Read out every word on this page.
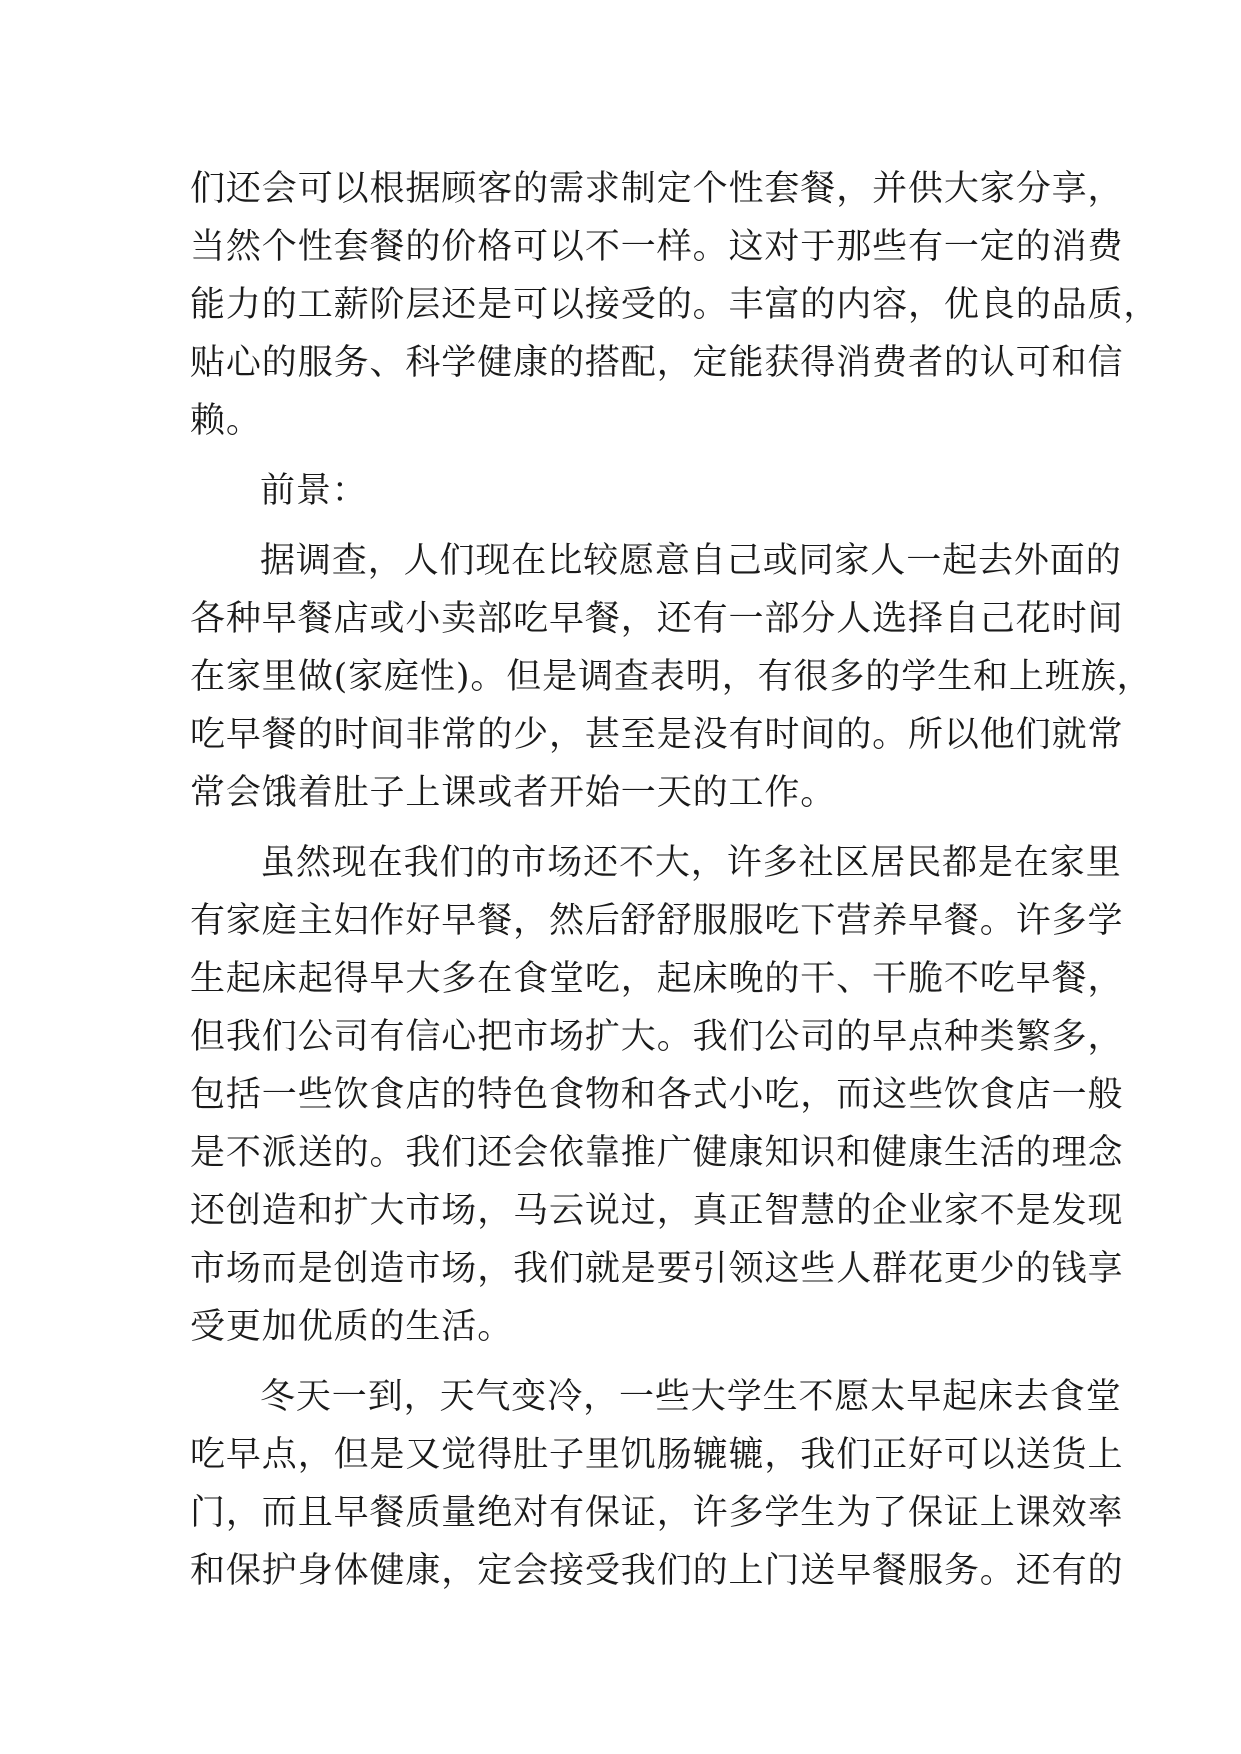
们还会可以根据顾客的需求制定个性套餐，并供大家分享，
当然个性套餐的价格可以不一样。这对于那些有一定的消费
能力的工薪阶层还是可以接受的。丰富的内容，优良的品质，
贴心的服务、科学健康的搭配，定能获得消费者的认可和信
赖。
前景：
据调查，人们现在比较愿意自己或同家人一起去外面的
各种早餐店或小卖部吃早餐，还有一部分人选择自己花时间
在家里做(家庭性)。但是调查表明，有很多的学生和上班族，
吃早餐的时间非常的少，甚至是没有时间的。所以他们就常
常会饿着肚子上课或者开始一天的工作。
虽然现在我们的市场还不大，许多社区居民都是在家里
有家庭主妇作好早餐，然后舒舒服服吃下营养早餐。许多学
生起床起得早大多在食堂吃，起床晚的干、干脆不吃早餐，
但我们公司有信心把市场扩大。我们公司的早点种类繁多，
包括一些饮食店的特色食物和各式小吃，而这些饮食店一般
是不派送的。我们还会依靠推广健康知识和健康生活的理念
还创造和扩大市场，马云说过，真正智慧的企业家不是发现
市场而是创造市场，我们就是要引领这些人群花更少的钱享
受更加优质的生活。
冬天一到，天气变冷，一些大学生不愿太早起床去食堂
吃早点，但是又觉得肚子里饥肠辘辘，我们正好可以送货上
门，而且早餐质量绝对有保证，许多学生为了保证上课效率
和保护身体健康，定会接受我们的上门送早餐服务。还有的
